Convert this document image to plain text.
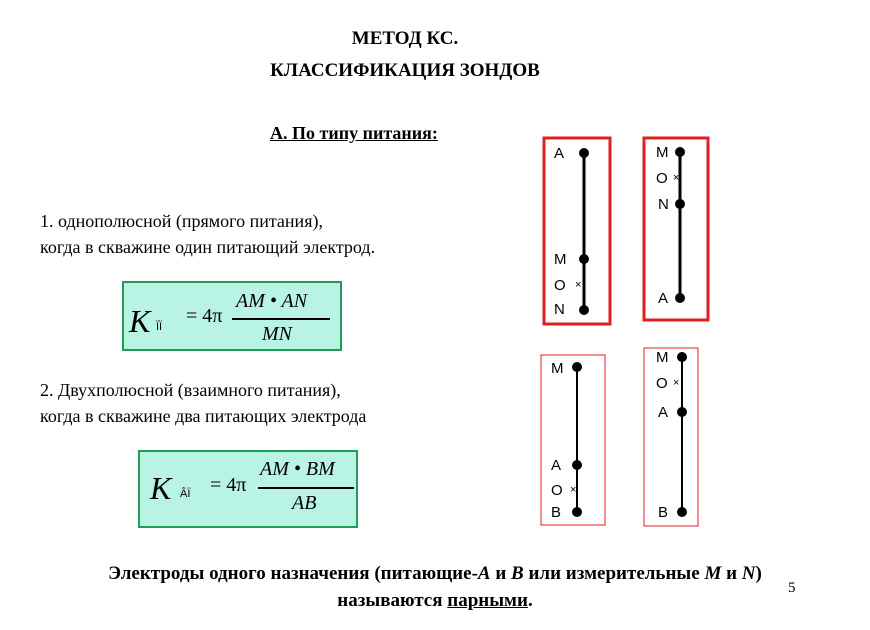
МЕТОД КС.
КЛАССИФИКАЦИЯ ЗОНДОВ
А. По типу питания:
1. однополюсной (прямого питания),
когда в скважине один питающий электрод.
K ΪΪ = 4π
AM • AN
MN
2. Двухполюсной (взаимного питания),
когда в скважине два питающих электрода
K ÂÏ = 4π
AM • BM
AB
A
M
O ×
N
M
O ×
N
A
M
A
O ×
B
M
O ×
A
B
Электроды одного назначения (питающие-A и B или измерительные M и N)
называются парными.
5
